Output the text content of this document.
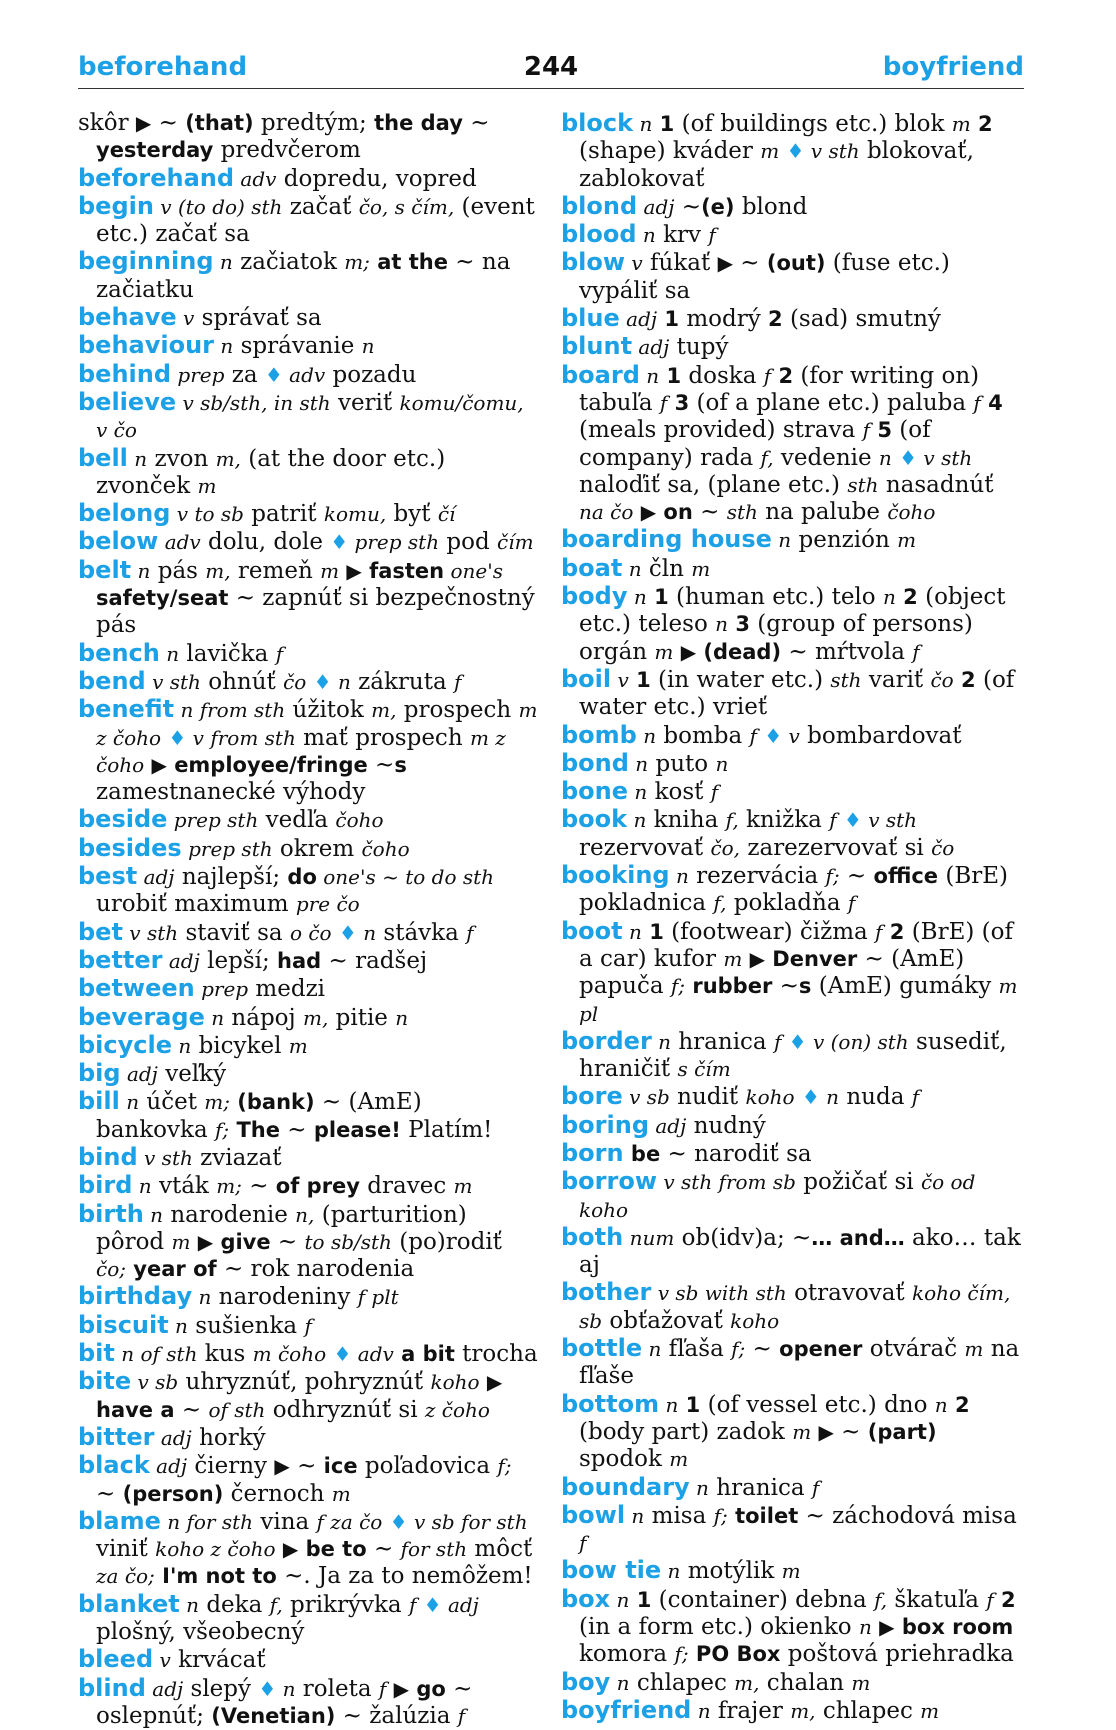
beforehand	244	boyfriend
skôr ▶ ~ (that) predtým; the day ~ yesterday predvčerom
beforehand adv dopredu, vopred
begin v (to do) sth začať čo, s čím, (event etc.) začať sa
beginning n začiatok m; at the ~ na začiatku
behave v správať sa
behaviour n správanie n
behind prep za ♦ adv pozadu
believe v sb/sth, in sth veriť komu/čomu, v čo
bell n zvon m, (at the door etc.) zvonček m
belong v to sb patriť komu, byť čí
below adv dolu, dole ♦ prep sth pod čím
belt n pás m, remeň m ▶ fasten one's safety/seat ~ zapnúť si bezpečnostný pás
bench n lavička f
bend v sth ohnúť čo ♦ n zákruta f
benefit n from sth úžitok m, prospech m z čoho ♦ v from sth mať prospech m z čoho ▶ employee/fringe ~s zamestnanecké výhody
beside prep sth vedľa čoho
besides prep sth okrem čoho
best adj najlepší; do one's ~ to do sth urobiť maximum pre čo
bet v sth staviť sa o čo ♦ n stávka f
better adj lepší; had ~ radšej
between prep medzi
beverage n nápoj m, pitie n
bicycle n bicykel m
big adj veľký
bill n účet m; (bank) ~ (AmE) bankovka f; The ~ please! Platím!
bind v sth zviazať
bird n vták m; ~ of prey dravec m
birth n narodenie n, (parturition) pôrod m ▶ give ~ to sb/sth (po)rodiť čo; year of ~ rok narodenia
birthday n narodeniny f plt
biscuit n sušienka f
bit n of sth kus m čoho ♦ adv a bit trocha
bite v sb uhryznúť, pohryznúť koho ▶ have a ~ of sth odhryznúť si z čoho
bitter adj horký
black adj čierny ▶ ~ ice poľadovica f; ~ (person) černoch m
blame n for sth vina f za čo ♦ v sb for sth viniť koho z čoho ▶ be to ~ for sth môcť za čo; I'm not to ~. Ja za to nemôžem!
blanket n deka f, prikrývka f ♦ adj plošný, všeobecný
bleed v krvácať
blind adj slepý ♦ n roleta f ▶ go ~ oslepnúť; (Venetian) ~ žalúzia f
block n 1 (of buildings etc.) blok m 2 (shape) kváder m ♦ v sth blokovať, zablokovať
blond adj ~(e) blond
blood n krv f
blow v fúkať ▶ ~ (out) (fuse etc.) vypáliť sa
blue adj 1 modrý 2 (sad) smutný
blunt adj tupý
board n 1 doska f 2 (for writing on) tabuľa f 3 (of a plane etc.) paluba f 4 (meals provided) strava f 5 (of company) rada f, vedenie n ♦ v sth naloďiť sa, (plane etc.) sth nasadnúť na čo ▶ on ~ sth na palube čoho
boarding house n penzión m
boat n čln m
body n 1 (human etc.) telo n 2 (object etc.) teleso n 3 (group of persons) orgán m ▶ (dead) ~ mŕtvola f
boil v 1 (in water etc.) sth variť čo 2 (of water etc.) vrieť
bomb n bomba f ♦ v bombardovať
bond n puto n
bone n kosť f
book n kniha f, knižka f ♦ v sth rezervovať čo, zarezervovať si čo
booking n rezervácia f; ~ office (BrE) pokladnica f, pokladňa f
boot n 1 (footwear) čižma f 2 (BrE) (of a car) kufor m ▶ Denver ~ (AmE) papuča f; rubber ~s (AmE) gumáky m pl
border n hranica f ♦ v (on) sth susediť, hraničiť s čím
bore v sb nudiť koho ♦ n nuda f
boring adj nudný
born be ~ narodiť sa
borrow v sth from sb požičať si čo od koho
both num ob(idv)a; ~… and… ako… tak aj
bother v sb with sth otravovať koho čím, sb obťažovať koho
bottle n fľaša f; ~ opener otvárač m na fľaše
bottom n 1 (of vessel etc.) dno n 2 (body part) zadok m ▶ ~ (part) spodok m
boundary n hranica f
bowl n misa f; toilet ~ záchodová misa f
bow tie n motýlik m
box n 1 (container) debna f, škatuľa f 2 (in a form etc.) okienko n ▶ box room komora f; PO Box poštová priehradka
boy n chlapec m, chalan m
boyfriend n frajer m, chlapec m
